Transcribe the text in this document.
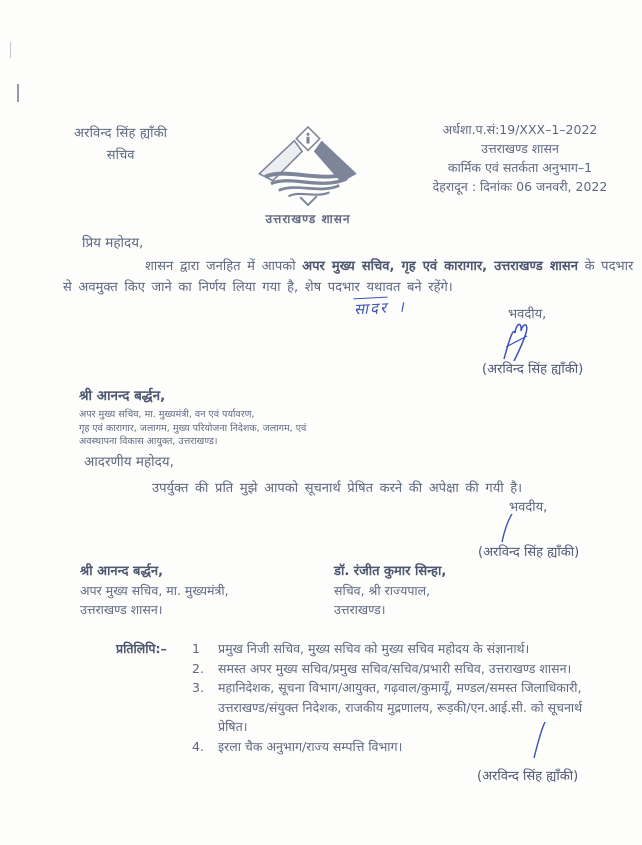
अरविन्द सिंह ह्याँकी
सचिव
उत्तराखण्ड शासन
अर्धशा.प.सं:19/XXX–1–2022
उत्तराखण्ड शासन
कार्मिक एवं सतर्कता अनुभाग–1
देहरादून : दिनांकः 06 जनवरी, 2022
प्रिय महोदय,
शासन द्वारा जनहित में आपको अपर मुख्य सचिव, गृह एवं कारागार, उत्तराखण्ड शासन के पदभार
से अवमुक्त किए जाने का निर्णय लिया गया है, शेष पदभार यथावत बने रहेंगे।
सादर ।	भवदीय,
(अरविन्द सिंह ह्याँकी)
श्री आनन्द बर्द्धन,
अपर मुख्य सचिव, मा. मुख्यमंत्री, वन एवं पर्यावरण,
गृह एवं कारागार, जलागम, मुख्य परियोजना निदेशक, जलागम, एवं
अवस्थापना विकास आयुक्त, उत्तराखण्ड।
आदरणीय महोदय,
उपर्युक्त की प्रति मुझे आपको सूचनार्थ प्रेषित करने की अपेक्षा की गयी है।
भवदीय,
(अरविन्द सिंह ह्याँकी)
श्री आनन्द बर्द्धन,
अपर मुख्य सचिव, मा. मुख्यमंत्री,
उत्तराखण्ड शासन।
डॉ. रंजीत कुमार सिन्हा,
सचिव, श्री राज्यपाल,
उत्तराखण्ड।
प्रतिलिपि:–	1	प्रमुख निजी सचिव, मुख्य सचिव को मुख्य सचिव महोदय के संज्ञानार्थ।
2.	समस्त अपर मुख्य सचिव/प्रमुख सचिव/सचिव/प्रभारी सचिव, उत्तराखण्ड शासन।
3.	महानिदेशक, सूचना विभाग/आयुक्त, गढ़वाल/कुमायूँ, मण्डल/समस्त जिलाधिकारी, उत्तराखण्ड/संयुक्त निदेशक, राजकीय मुद्रणालय, रूड़की/एन.आई.सी. को सूचनार्थ प्रेषित।
4.	इरला चैक अनुभाग/राज्य सम्पत्ति विभाग।
(अरविन्द सिंह ह्याँकी)
